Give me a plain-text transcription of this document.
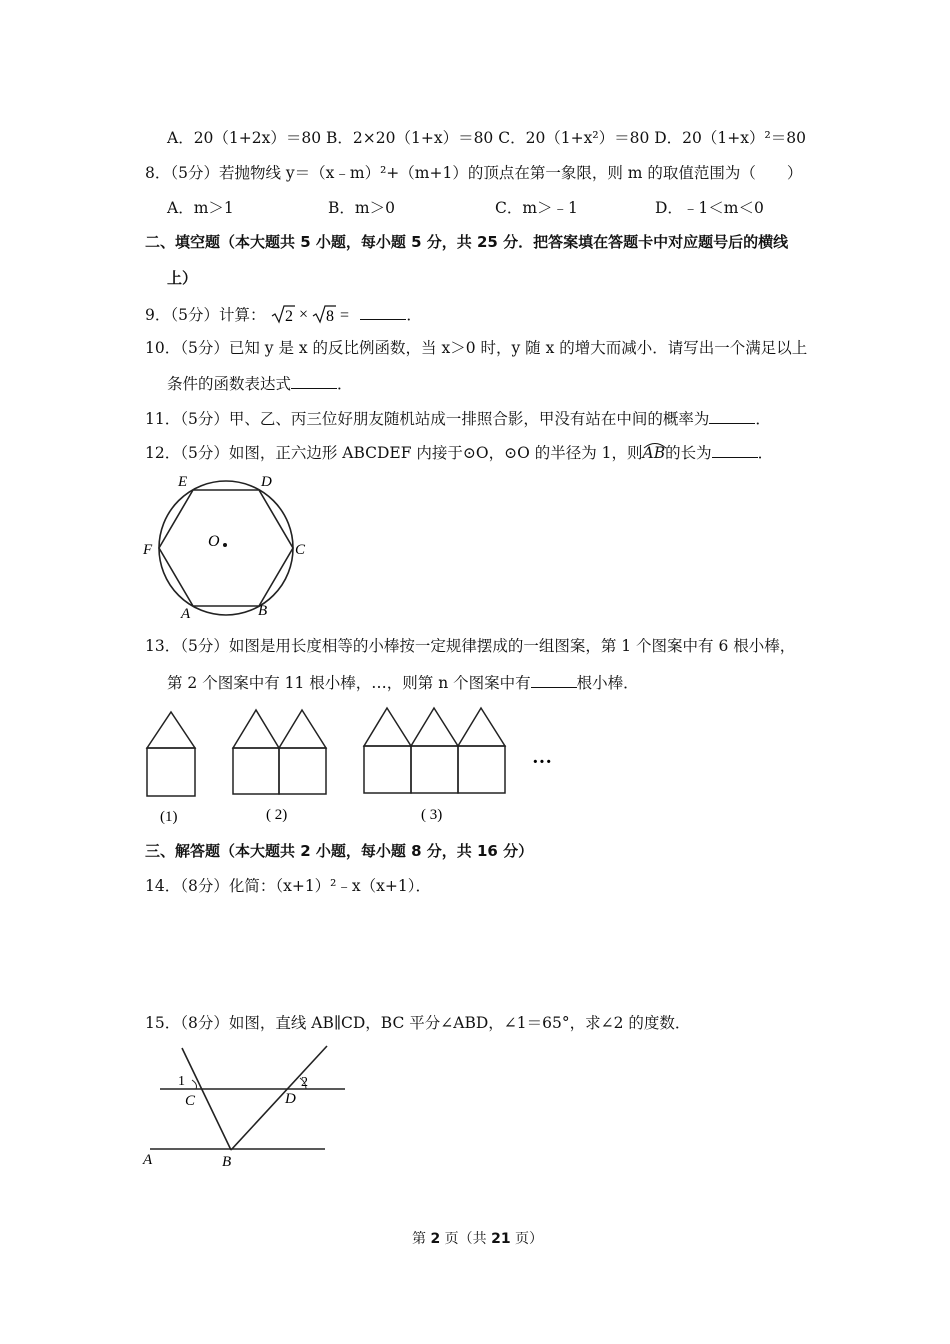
A．20（1+2x）＝80 B．2×20（1+x）＝80 C．20（1+x²）＝80 D．20（1+x）²＝80
8．（5分）若抛物线 y＝（x﹣m）²+（m+1）的顶点在第一象限，则 m 的取值范围为（　　）
A．m＞1	B．m＞0	C．m＞﹣1	D．﹣1＜m＜0
二、填空题（本大题共 5 小题，每小题 5 分，共 25 分．把答案填在答题卡中对应题号后的横线
上）
9．（5分）计算： 2 × 8 =	．
10．（5分）已知 y 是 x 的反比例函数，当 x＞0 时，y 随 x 的增大而减小．请写出一个满足以上
条件的函数表达式	．
11．（5分）甲、乙、丙三位好朋友随机站成一排照合影，甲没有站在中间的概率为	．
12．（5分）如图，正六边形 ABCDEF 内接于⊙O，⊙O 的半径为 1，则
AB的长为	．
E	D
F	C
A	B
O
13．（5分）如图是用长度相等的小棒按一定规律摆成的一组图案，第 1 个图案中有 6 根小棒，
第 2 个图案中有 11 根小棒，…，则第 n 个图案中有	根小棒．
(1)	( 2)	( 3)
···
三、解答题（本大题共 2 小题，每小题 8 分，共 16 分）
14．（8分）化简：（x+1）²﹣x（x+1）．
15．（8分）如图，直线 AB∥CD，BC 平分∠ABD，∠1＝65°，求∠2 的度数．
1
C
2
D
A	B
第 2 页（共 21 页）
